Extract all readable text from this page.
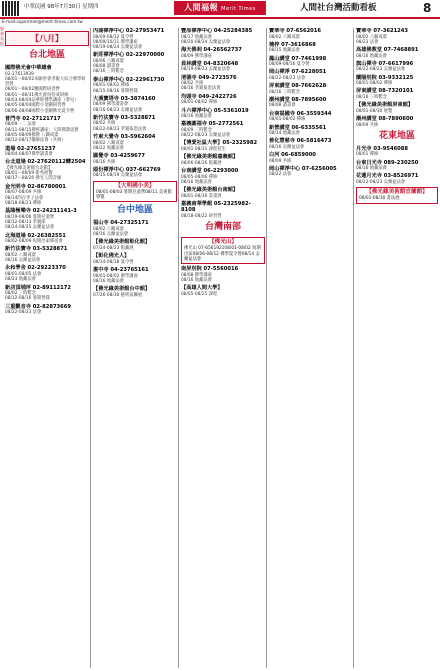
中華民國 98年7月30日 星期四	人間福報 Merit Times	人間社台灣活動看板	8
E-mail:superman@merit-times.com.tw
服務看板
【八月】
台北地區
國際佛光會中華總會
02-27613939
08/01～08/02本願善會孝親大綜合佛學研習營
08/01～08/02應國際研習營
08/01～08/31佛光會員持戒研修
08/03-08/04法華經佛學講座（會兒）
08/05-08/04國際小金剛研習營
08/06-08/08國際小金剛佛光夏令營
普門寺 02-27121717
08/09一二 法會
08/11-08/15佛經講座：人間佛教思想
08/05-08/09佛教 八關戒齋
08/12-08/17藥師法會（共修）
道場 02-27651237
08/04-08/07佛學讀書會
台北道場 02-27620112轉2504
【佛光緣美術館台北館】
08/01～08/09 新秀展覽
08/17～08/26 佛光人間音緣
金光明寺 02-86780001
08/07-08/09 共修
08/14四百孝子法會
08/18-08/23 禪修
基隆極樂寺 02-24231141-3
08/19-08/06 暑期兒童營
08/12-08/13 孝親節
08/24-08/25 盂蘭盆法會
北海道場 02-26382551
08/02-08/09 短期出家修道會
新竹法寶寺 03-5328871
08/02 八關戒齋
08/16 盂蘭盆法會
永和學舍 02-29223370
08/01-08/05 法會
08/23 地藏法會
新店頂埔坪 02-89112172
08/02 三時繫念
08/12-08/16 暑期營隊
三重觀音寺 02-82873669
08/22-08/23 法會
內湖禪淨中心 02-27953471
08/09-08/12 夏令營
08/09/10/11 佛學講座
08/19-08/24 盂蘭盆法會
新莊禪淨中心 02-22970000
08/06 八關戒齋
08/08 讀書會
08/16 三時繫念
泰山禪淨中心 02-22961730
08/01-08/02 禪修
08/15-08/16 暑期營隊
大溪寶塔寺 03-3874160
08/09 佛學讀書會
08/16-08/23 盂蘭盆法會
新竹法寶寺 03-5328871
08/02 共修
08/22-08/23 孝親報恩法會
竹東大覺寺 03-5962604
08/02 八關戒齋
08/22 地藏法會
圓覺寺 03-4259677
08/16 共修
頭份禪淨中心 037-662769
08/15-08/19 盂蘭盆法會
【大明國小美】
08/01-08/03 暑期兒童營08/11 美術館導覽
台中地區
福山寺 04-27325171
08/02 八關戒齋
08/16 盂蘭盆法會
【佛光緣美術館彰化館】
07/24-08/23 館藏展
【彰化佛光人】
08/14-08/18 夏令營
惠中寺 04-23765161
08/01-08/02 佛學講座
08/16 地藏法會
【佛光緣美術館台中館】
07/26-08/30 藝術家聯展
豐原禪淨中心 04-25284385
08/17 地藏法會
08/20-08/24 盂蘭盆法會
海天佛剎 04-26562737
08/09 佛學講座
員林講堂 04-8320648
08/19-08/23 盂蘭盆法會
清德寺 049-2723576
08/02 共修
08/16 孝親報恩法會
均頭寺 049-2422726
08/01-08/02 禪修
斗六禪淨中心 05-5361019
08/16 地藏法會
嘉義圓福寺 05-2772561
08/09 三時繫念
08/22-08/23 盂蘭盆法會
【博愛社區大學】05-2325982
08/01-08/31 課程招生
【佛光緣美術館嘉義館】
08/06-08/26 館藏展
台南講堂 06-2293000
08/05-08/06 禪修
08/16 地藏法會
【佛光緣美術館台南館】
08/01-08/30 書畫展
嘉義南華學館 05-2325982-8108
08/18-08/22 研習營
台灣南部
【佛光山】
佛光山 07-656192108/01-08/02 短期出家08/06-08/12 佛學夏令營08/14 盂蘭盆法會
南屏別院 07-5560016
08/08 佛學講座
08/16 地藏法會
【高雄人間大學】
08/05-08/25 課程
寶華寺 07-6562016
08/02 八關戒齋
楠梓 07-3616868
08/15 地藏法會
鳳山講堂 07-7461998
08/09-08/16 夏令營
岡山禪淨 07-6228051
08/22-08/23 法會
屏東講堂 08-7662628
08/16 三時繫念
潮州講堂 08-7895600
08/08 讀書會
台南福國寺 06-3559344
08/01-08/02 禪修
新營講堂 06-6335561
08/14 地藏法會
善化慧慈寺 06-5816473
08/16 盂蘭盆法會
白河 06-6859000
08/09 共修
岡山禪淨中心 07-6256005
08/22 法會
寶華寺 07-3621243
08/02 八關戒齋
08/23 法會
高雄佛教堂 07-7468891
08/16 地藏法會
旗山禪寺 07-6617996
08/22-08/23 盂蘭盆法會
蘭陽別院 03-9332125
08/01-08/02 禪修
屏東講堂 08-7320101
08/16 三時繫念
【佛光緣美術館屏東館】
08/01-08/30 展覽
潮州講堂 08-7890600
08/09 共修
花東地區
月光寺 03-9546088
08/01 禪修
台東日光寺 089-230250
08/16 地藏法會
花蓮月光寺 03-8526971
08/22-08/23 盂蘭盆法會
【佛光緣美術館宜蘭館】
08/01-08/30 書法展
